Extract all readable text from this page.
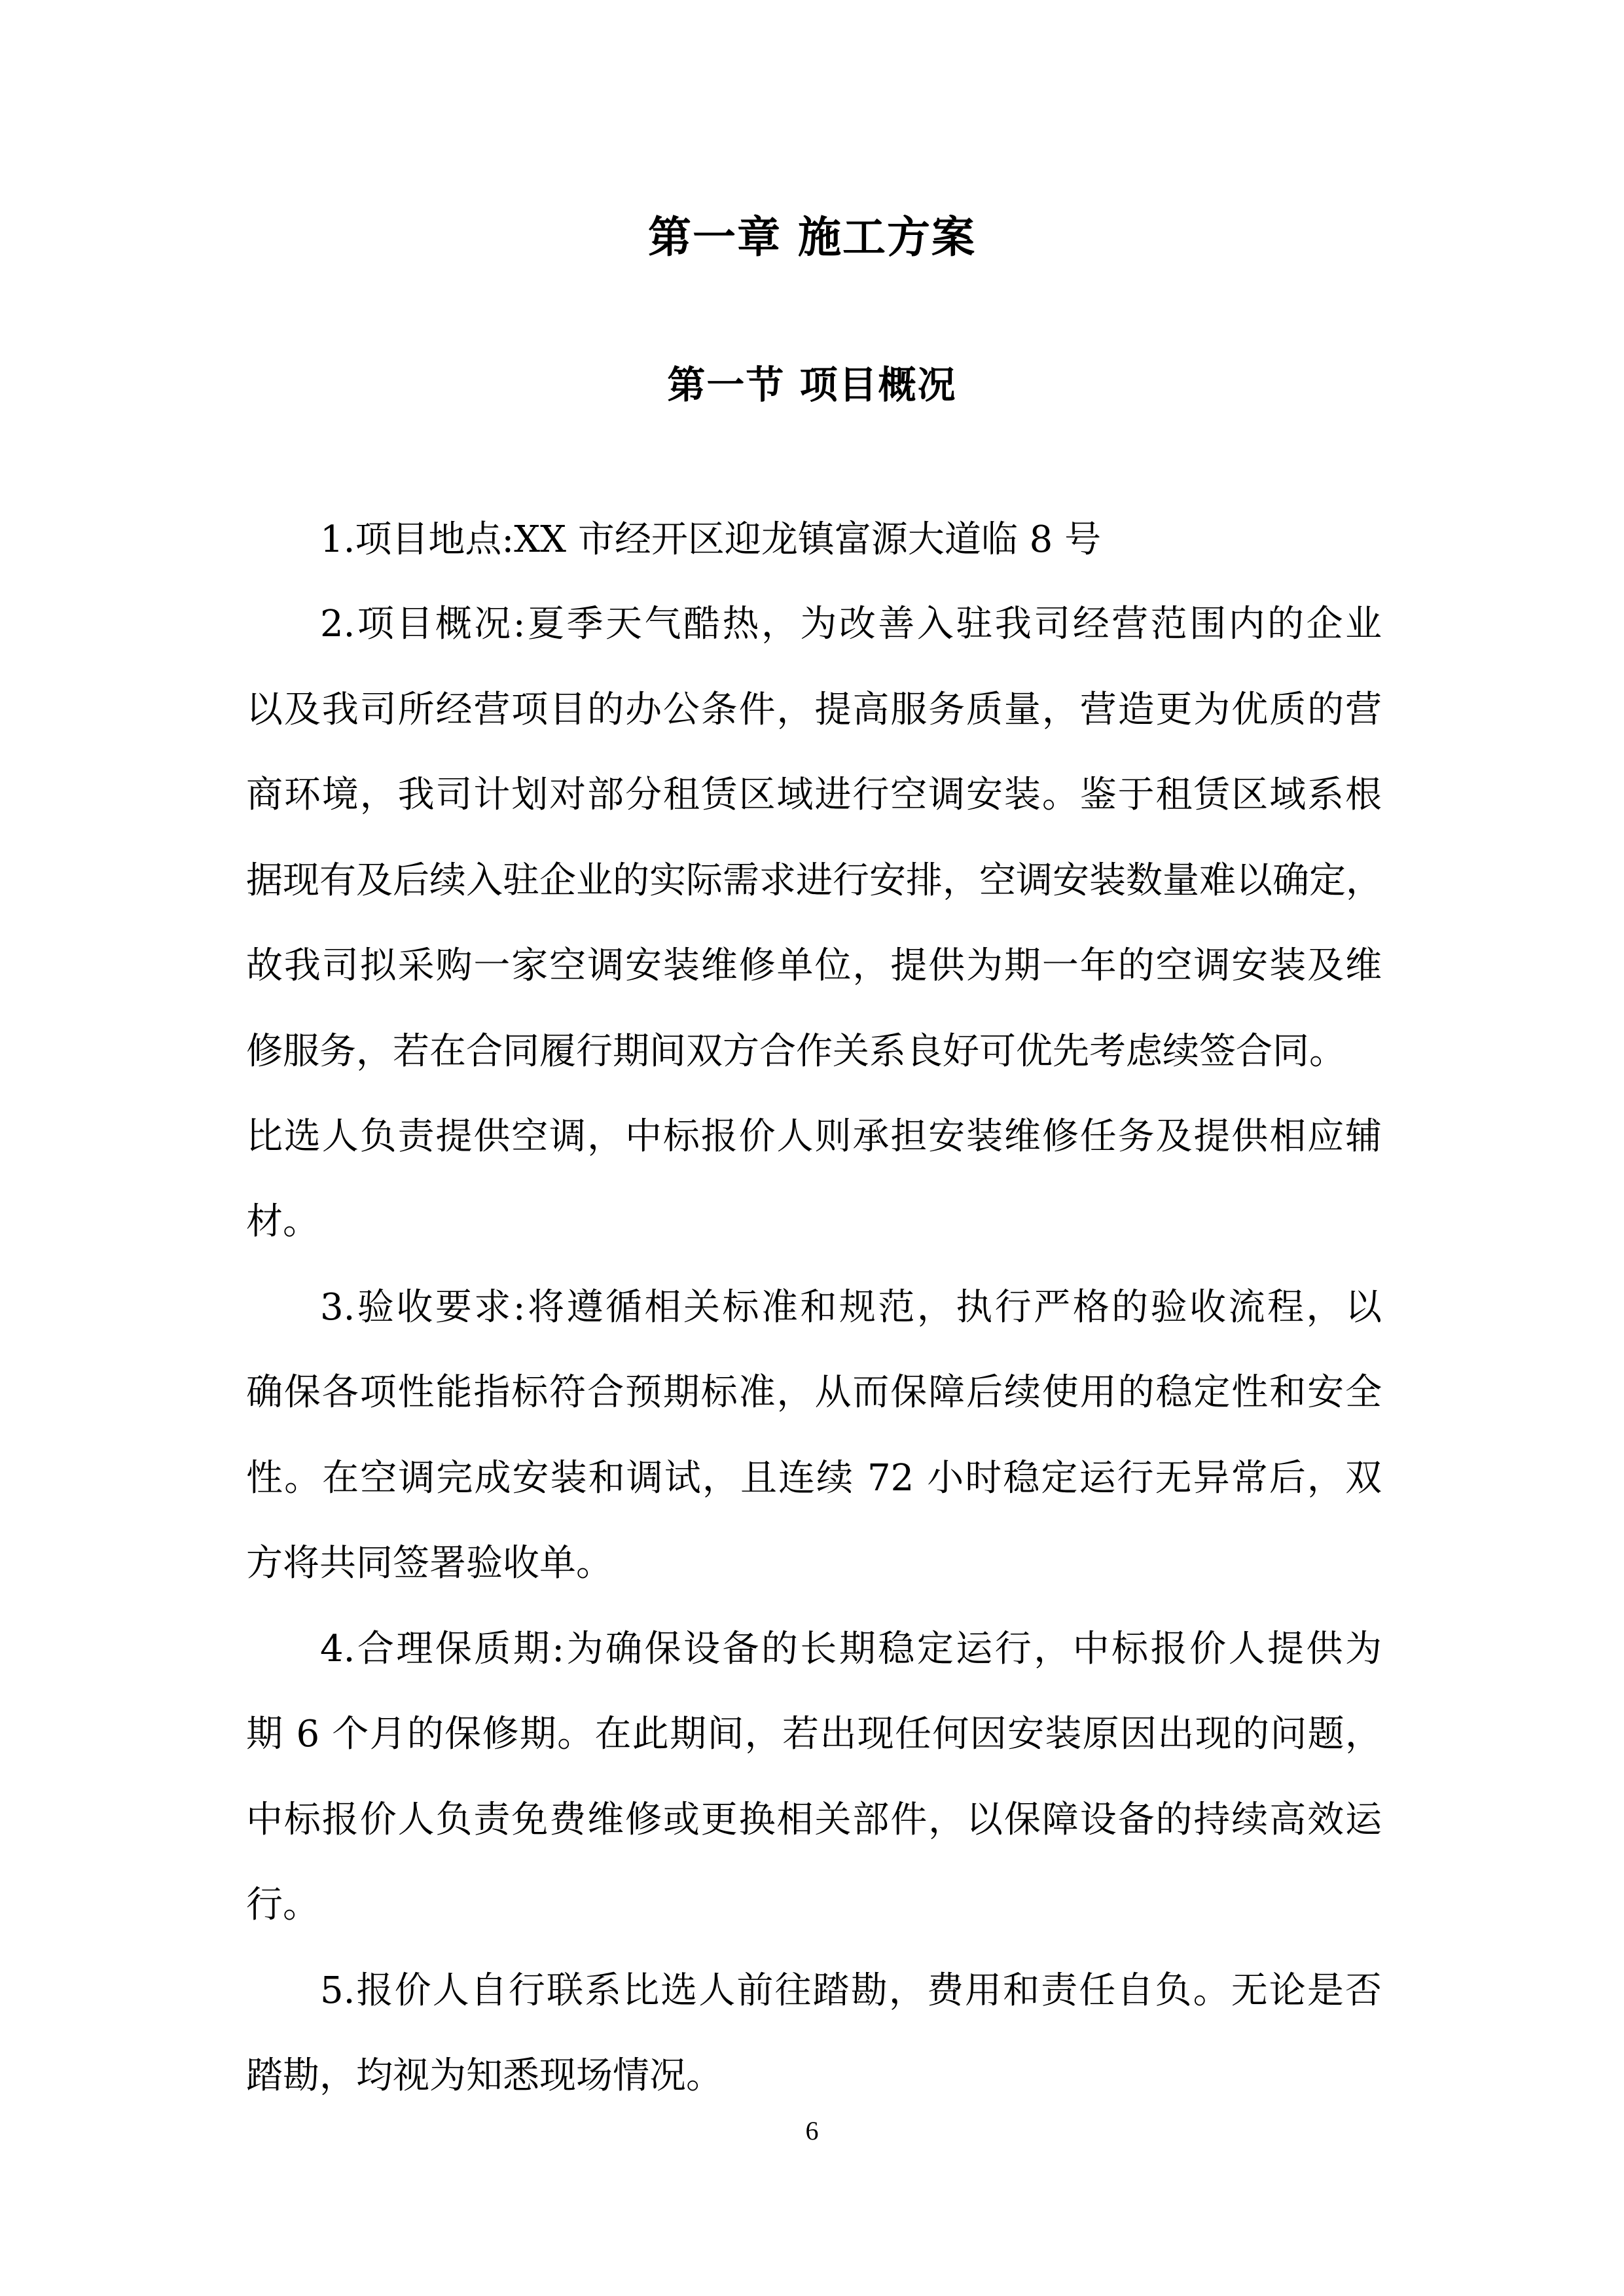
第一章 施工方案
第一节 项目概况
1.项目地点:XX 市经开区迎龙镇富源大道临 8 号
2.项目概况:夏季天气酷热，为改善入驻我司经营范围内的企业
以及我司所经营项目的办公条件，提高服务质量，营造更为优质的营
商环境，我司计划对部分租赁区域进行空调安装。鉴于租赁区域系根
据现有及后续入驻企业的实际需求进行安排，空调安装数量难以确定，
故我司拟采购一家空调安装维修单位，提供为期一年的空调安装及维
修服务，若在合同履行期间双方合作关系良好可优先考虑续签合同。
比选人负责提供空调，中标报价人则承担安装维修任务及提供相应辅
材。
3.验收要求:将遵循相关标准和规范，执行严格的验收流程，以
确保各项性能指标符合预期标准，从而保障后续使用的稳定性和安全
性。在空调完成安装和调试，且连续 72 小时稳定运行无异常后，双
方将共同签署验收单。
4.合理保质期:为确保设备的长期稳定运行，中标报价人提供为
期 6 个月的保修期。在此期间，若出现任何因安装原因出现的问题，
中标报价人负责免费维修或更换相关部件，以保障设备的持续高效运
行。
5.报价人自行联系比选人前往踏勘，费用和责任自负。无论是否
踏勘，均视为知悉现场情况。
6
